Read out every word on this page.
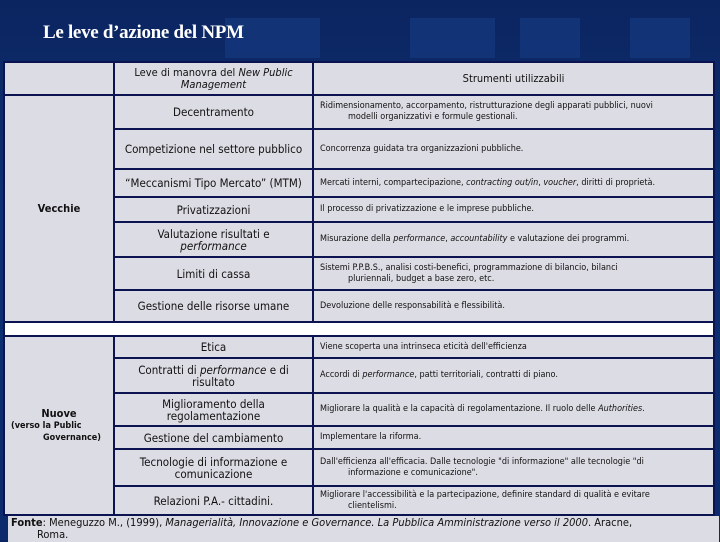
Le leve d’azione del NPM
	Leve di manovra del New Public Management	Strumenti utilizzabili
Vecchie	Decentramento	Ridimensionamento, accorpamento, ristrutturazione degli apparati pubblici, nuovi
modelli organizzativi e formule gestionali.

	Competizione nel settore pubblico	Concorrenza guidata tra organizzazioni pubbliche.
	“Meccanismi Tipo Mercato” (MTM)	Mercati interni, compartecipazione, contracting out/in, voucher, diritti di proprietà.
	Privatizzazioni	Il processo di privatizzazione e le imprese pubbliche.
	Valutazione risultati e
performance	Misurazione della performance, accountability e valutazione dei programmi.
	Limiti di cassa	Sistemi P.P.B.S., analisi costi-benefici, programmazione di bilancio, bilanci
pluriennali, budget a base zero, etc.

	Gestione delle risorse umane	Devoluzione delle responsabilità e flessibilità.

Nuove
(verso la Public
Governance)	Etica	Viene scoperta una intrinseca eticità dell'efficienza
	Contratti di performance e di risultato	Accordi di performance, patti territoriali, contratti di piano.
	Miglioramento della regolamentazione	Migliorare la qualità e la capacità di regolamentazione. Il ruolo delle Authorities.
	Gestione del cambiamento	Implementare la riforma.
	Tecnologie di informazione e comunicazione	Dall'efficienza all'efficacia. Dalle tecnologie "di informazione" alle tecnologie "di
informazione e comunicazione".

	Relazioni P.A.- cittadini.	Migliorare l'accessibilità e la partecipazione, definire standard di qualità e evitare
clientelismi.
Fonte: Meneguzzo M., (1999), Managerialità, Innovazione e Governance. La Pubblica Amministrazione verso il 2000. Aracne,
Roma.
